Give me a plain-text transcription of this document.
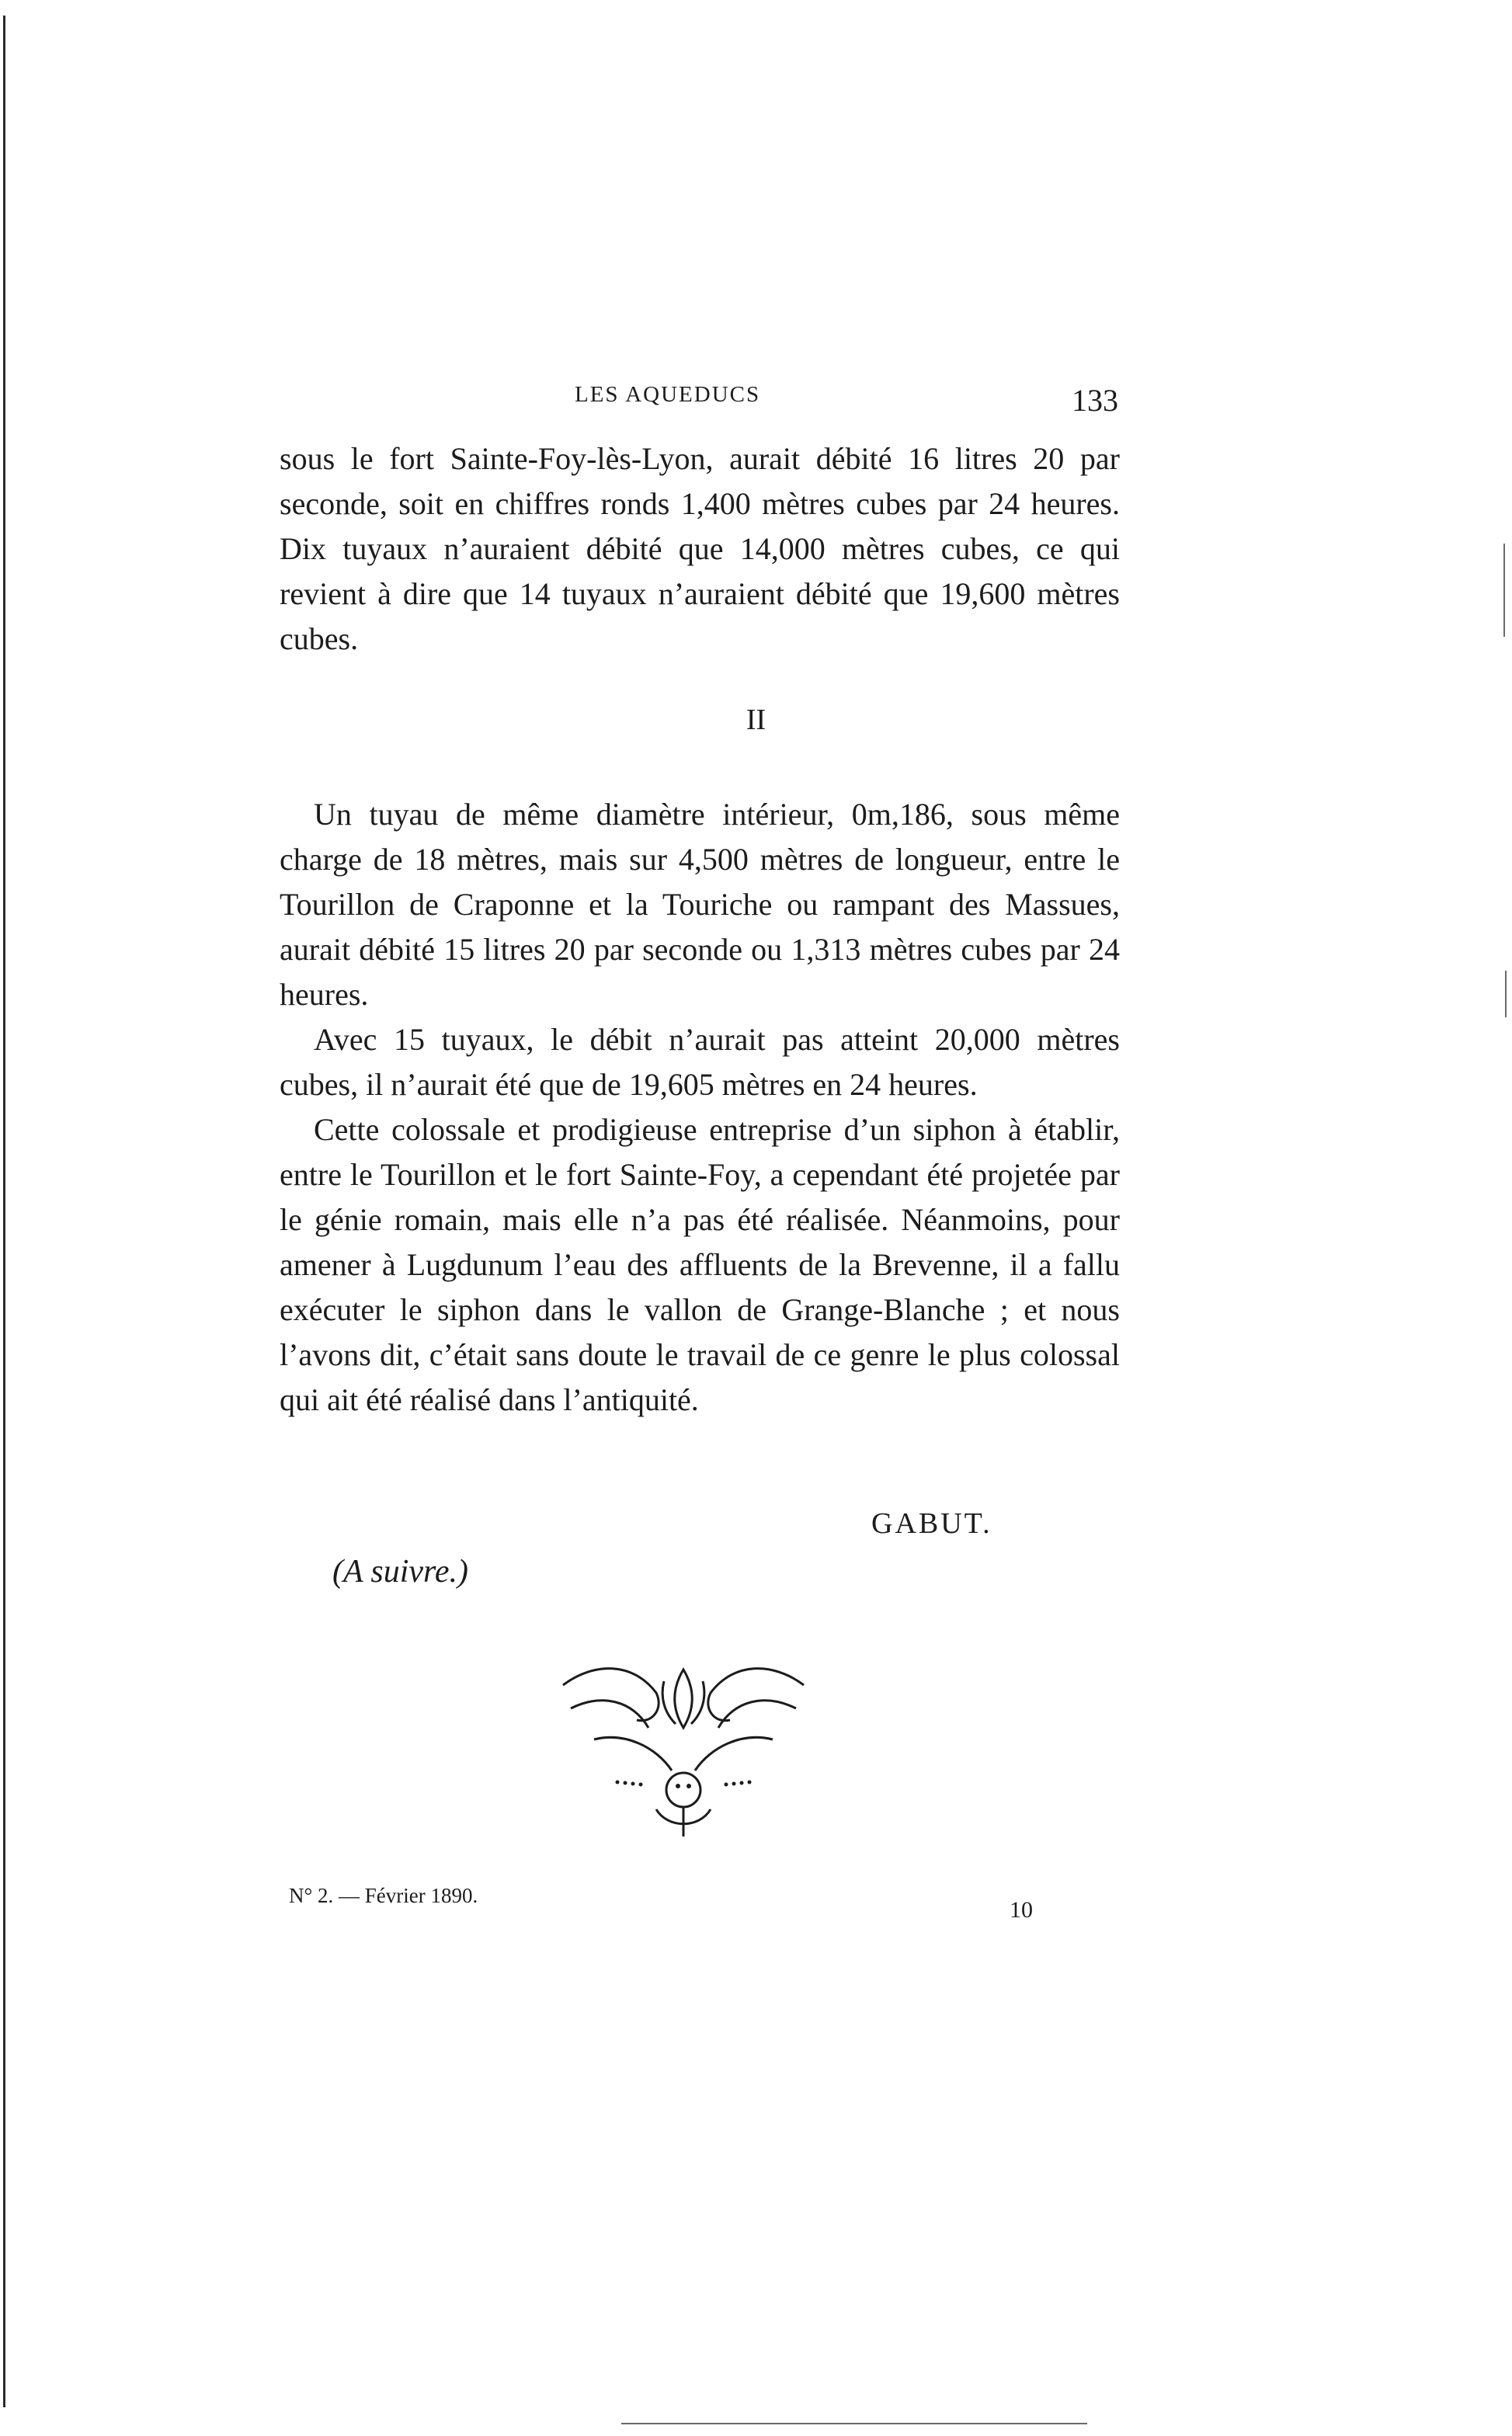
LES AQUEDUCS	133

sous le fort Sainte-Foy-lès-Lyon, aurait débité 16 litres 20 par seconde, soit en chiffres ronds 1,400 mètres cubes par 24 heures. Dix tuyaux n’auraient débité que 14,000 mètres cubes, ce qui revient à dire que 14 tuyaux n’auraient débité que 19,600 mètres cubes.

II

Un tuyau de même diamètre intérieur, 0m,186, sous même charge de 18 mètres, mais sur 4,500 mètres de longueur, entre le Tourillon de Craponne et la Touriche ou rampant des Massues, aurait débité 15 litres 20 par seconde ou 1,313 mètres cubes par 24 heures.

Avec 15 tuyaux, le débit n’aurait pas atteint 20,000 mètres cubes, il n’aurait été que de 19,605 mètres en 24 heures.

Cette colossale et prodigieuse entreprise d’un siphon à établir, entre le Tourillon et le fort Sainte-Foy, a cependant été projetée par le génie romain, mais elle n’a pas été réalisée. Néanmoins, pour amener à Lugdunum l’eau des affluents de la Brevenne, il a fallu exécuter le siphon dans le vallon de Grange-Blanche ; et nous l’avons dit, c’était sans doute le travail de ce genre le plus colossal qui ait été réalisé dans l’antiquité.

GABUT.
(A suivre.)
N° 2. — Février 1890.
10
